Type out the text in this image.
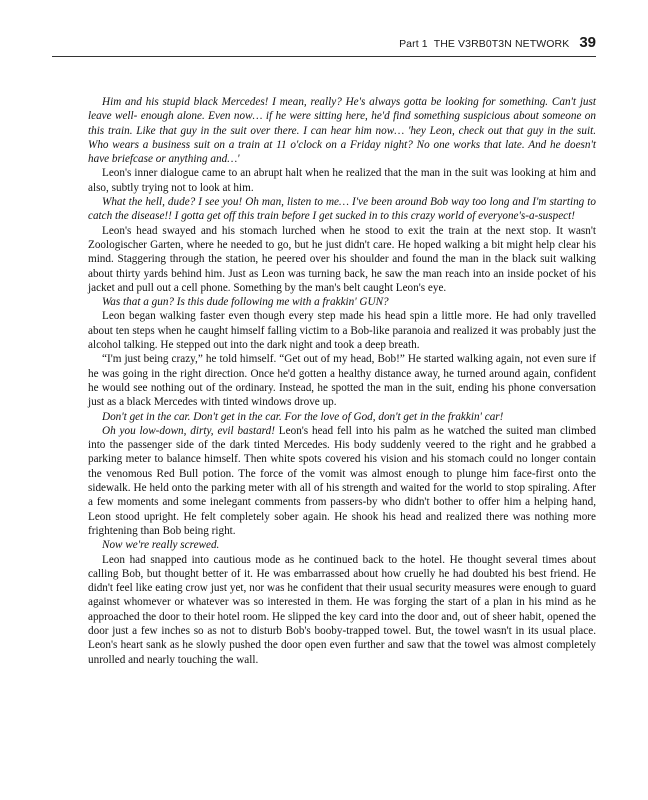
Part 1 THE V3RB0T3N NETWORK 39

Him and his stupid black Mercedes! I mean, really? He's always gotta be looking for something. Can't just leave well- enough alone. Even now… if he were sitting here, he'd find something suspicious about someone on this train. Like that guy in the suit over there. I can hear him now… 'hey Leon, check out that guy in the suit. Who wears a business suit on a train at 11 o'clock on a Friday night? No one works that late. And he doesn't have briefcase or anything and…'

Leon's inner dialogue came to an abrupt halt when he realized that the man in the suit was looking at him and also, subtly trying not to look at him.

What the hell, dude? I see you! Oh man, listen to me… I've been around Bob way too long and I'm starting to catch the disease!! I gotta get off this train before I get sucked in to this crazy world of everyone's-a-suspect!

Leon's head swayed and his stomach lurched when he stood to exit the train at the next stop. It wasn't Zoologischer Garten, where he needed to go, but he just didn't care. He hoped walking a bit might help clear his mind. Staggering through the station, he peered over his shoulder and found the man in the black suit walking about thirty yards behind him. Just as Leon was turning back, he saw the man reach into an inside pocket of his jacket and pull out a cell phone. Something by the man's belt caught Leon's eye.

Was that a gun? Is this dude following me with a frakkin' GUN?

Leon began walking faster even though every step made his head spin a little more. He had only travelled about ten steps when he caught himself falling victim to a Bob-like paranoia and realized it was probably just the alcohol talking. He stepped out into the dark night and took a deep breath.

“I'm just being crazy,” he told himself. “Get out of my head, Bob!” He started walking again, not even sure if he was going in the right direction. Once he'd gotten a healthy distance away, he turned around again, confident he would see nothing out of the ordinary. Instead, he spotted the man in the suit, ending his phone conversation just as a black Mercedes with tinted windows drove up.

Don't get in the car. Don't get in the car. For the love of God, don't get in the frakkin' car!

Oh you low-down, dirty, evil bastard! Leon's head fell into his palm as he watched the suited man climbed into the passenger side of the dark tinted Mercedes. His body suddenly veered to the right and he grabbed a parking meter to balance himself. Then white spots covered his vision and his stomach could no longer contain the venomous Red Bull potion. The force of the vomit was almost enough to plunge him face-first onto the sidewalk. He held onto the parking meter with all of his strength and waited for the world to stop spiraling. After a few moments and some inelegant comments from passers-by who didn't bother to offer him a helping hand, Leon stood upright. He felt completely sober again. He shook his head and realized there was nothing more frightening than Bob being right.

Now we're really screwed.

Leon had snapped into cautious mode as he continued back to the hotel. He thought several times about calling Bob, but thought better of it. He was embarrassed about how cruelly he had doubted his best friend. He didn't feel like eating crow just yet, nor was he confident that their usual security measures were enough to guard against whomever or whatever was so interested in them. He was forging the start of a plan in his mind as he approached the door to their hotel room. He slipped the key card into the door and, out of sheer habit, opened the door just a few inches so as not to disturb Bob's booby-trapped towel. But, the towel wasn't in its usual place. Leon's heart sank as he slowly pushed the door open even further and saw that the towel was almost completely unrolled and nearly touching the wall.
